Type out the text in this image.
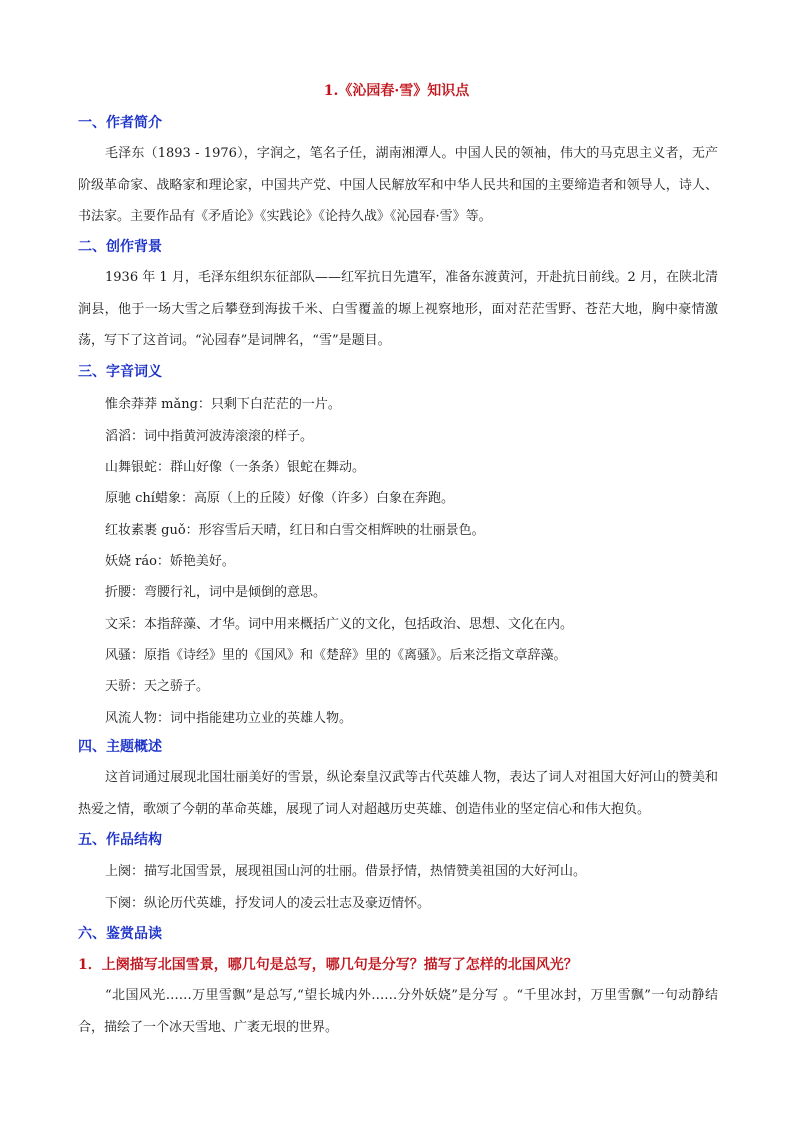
1.《沁园春·雪》知识点
一、作者简介
毛泽东（1893 - 1976），字润之，笔名子任，湖南湘潭人。中国人民的领袖，伟大的马克思主义者，无产阶级革命家、战略家和理论家，中国共产党、中国人民解放军和中华人民共和国的主要缔造者和领导人，诗人、书法家。主要作品有《矛盾论》《实践论》《论持久战》《沁园春·雪》等。
二、创作背景
1936 年 1 月，毛泽东组织东征部队——红军抗日先遣军，准备东渡黄河，开赴抗日前线。2 月，在陕北清涧县，他于一场大雪之后攀登到海拔千米、白雪覆盖的塬上视察地形，面对茫茫雪野、苍茫大地，胸中豪情激荡，写下了这首词。“沁园春”是词牌名，“雪”是题目。
三、字音词义
惟余莽莽 mǎng：只剩下白茫茫的一片。
滔滔：词中指黄河波涛滚滚的样子。
山舞银蛇：群山好像（一条条）银蛇在舞动。
原驰 chí蜡象：高原（上的丘陵）好像（许多）白象在奔跑。
红妆素裹 guǒ：形容雪后天晴，红日和白雪交相辉映的壮丽景色。
妖娆 ráo：娇艳美好。
折腰：弯腰行礼，词中是倾倒的意思。
文采：本指辞藻、才华。词中用来概括广义的文化，包括政治、思想、文化在内。
风骚：原指《诗经》里的《国风》和《楚辞》里的《离骚》。后来泛指文章辞藻。
天骄：天之骄子。
风流人物：词中指能建功立业的英雄人物。
四、主题概述
这首词通过展现北国壮丽美好的雪景，纵论秦皇汉武等古代英雄人物，表达了词人对祖国大好河山的赞美和热爱之情，歌颂了今朝的革命英雄，展现了词人对超越历史英雄、创造伟业的坚定信心和伟大抱负。
五、作品结构
上阕：描写北国雪景，展现祖国山河的壮丽。借景抒情，热情赞美祖国的大好河山。
下阕：纵论历代英雄，抒发词人的凌云壮志及豪迈情怀。
六、鉴赏品读
1．上阕描写北国雪景，哪几句是总写，哪几句是分写？描写了怎样的北国风光？
“北国风光……万里雪飘”是总写,“望长城内外……分外妖娆”是分写 。“千里冰封，万里雪飘”一句动静结合，描绘了一个冰天雪地、广袤无垠的世界。
